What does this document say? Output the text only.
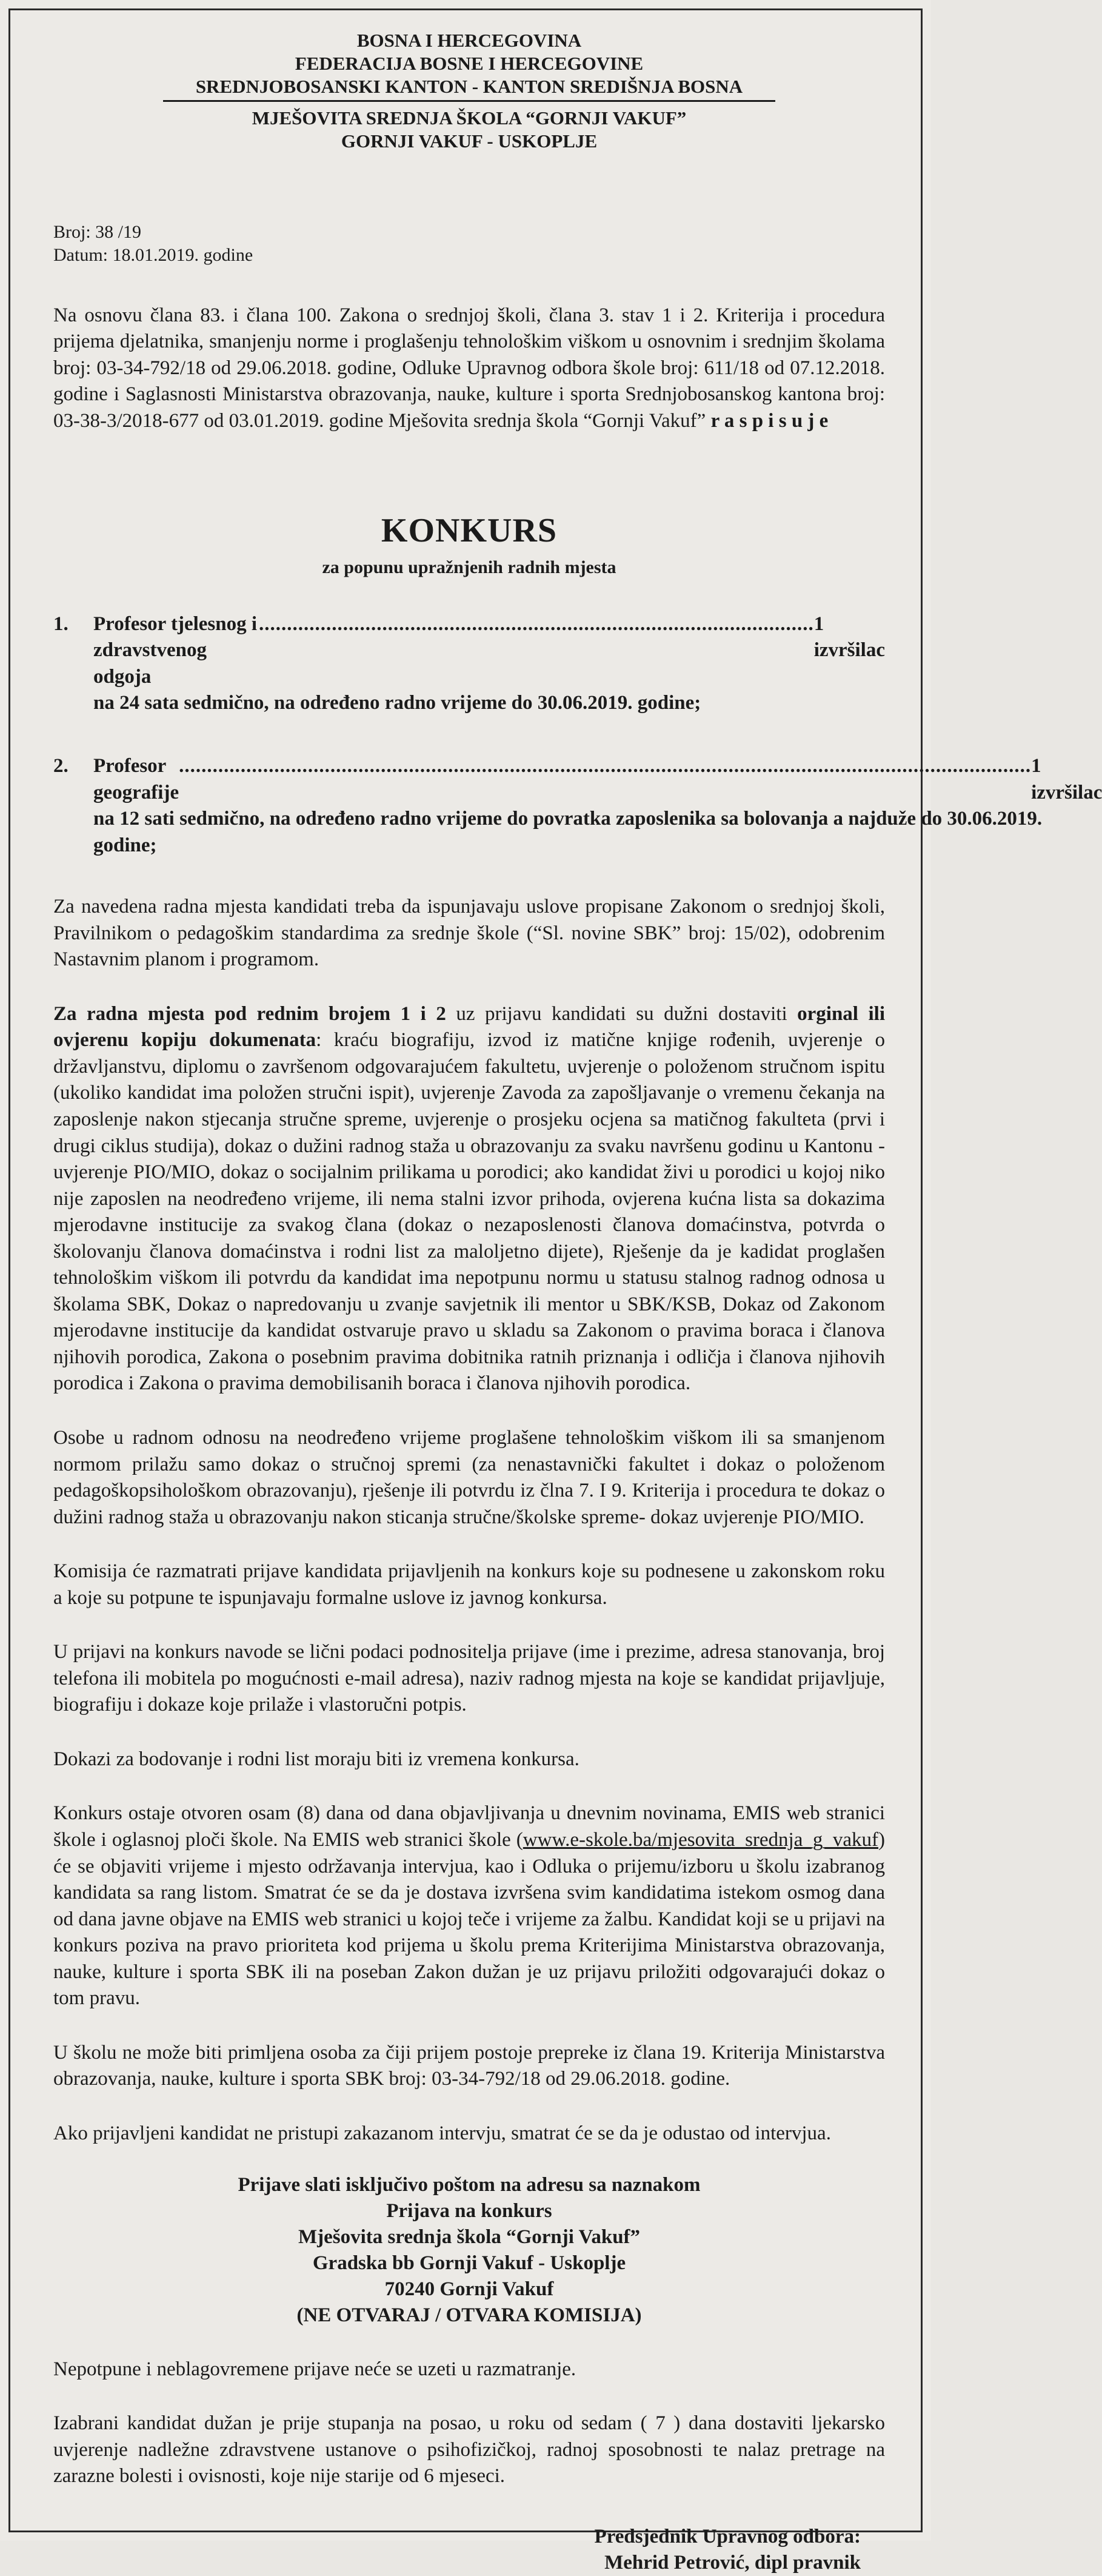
BOSNA I HERCEGOVINA
FEDERACIJA BOSNE I HERCEGOVINE
SREDNJOBOSANSKI KANTON - KANTON SREDIŠNJA BOSNA
MJEŠOVITA SREDNJA ŠKOLA “GORNJI VAKUF”
GORNJI VAKUF - USKOPLJE
Broj: 38 /19
Datum: 18.01.2019. godine

Na osnovu člana 83. i člana 100. Zakona o srednjoj školi, člana 3. stav 1 i 2. Kriterija i procedura prijema djelatnika, smanjenju norme i proglašenju tehnološkim viškom u osnovnim i srednjim školama broj: 03-34-792/18 od 29.06.2018. godine, Odluke Upravnog odbora škole broj: 611/18 od 07.12.2018. godine i Saglasnosti Ministarstva obrazovanja, nauke, kulture i sporta Srednjobosanskog kantona broj: 03-38-3/2018-677 od 03.01.2019. godine Mješovita srednja škola “Gornji Vakuf” r a s p i s u j e

KONKURS
za popunu upražnjenih radnih mjesta
1.	Profesor tjelesnog i zdravstvenog odgoja
................................................................................................... 1 izvršilac
na 24 sata sedmično, na određeno radno vrijeme do 30.06.2019. godine;
2.	Profesor geografije
........................................................................................................................................................ 1 izvršilac
na 12 sati sedmično, na određeno radno vrijeme do povratka zaposlenika sa bolovanja a najduže do 30.06.2019. godine;

Za navedena radna mjesta kandidati treba da ispunjavaju uslove propisane Zakonom o srednjoj školi, Pravilnikom o pedagoškim standardima za srednje škole (“Sl. novine SBK” broj: 15/02), odobrenim Nastavnim planom i programom.

Za radna mjesta pod rednim brojem 1 i 2 uz prijavu kandidati su dužni dostaviti orginal ili ovjerenu kopiju dokumenata: kraću biografiju, izvod iz matične knjige rođenih, uvjerenje o državljanstvu, diplomu o završenom odgovarajućem fakultetu, uvjerenje o položenom stručnom ispitu (ukoliko kandidat ima položen stručni ispit), uvjerenje Zavoda za zapošljavanje o vremenu čekanja na zaposlenje nakon stjecanja stručne spreme, uvjerenje o prosjeku ocjena sa matičnog fakulteta (prvi i drugi ciklus studija), dokaz o dužini radnog staža u obrazovanju za svaku navršenu godinu u Kantonu - uvjerenje PIO/MIO, dokaz o socijalnim prilikama u porodici; ako kandidat živi u porodici u kojoj niko nije zaposlen na neodređeno vrijeme, ili nema stalni izvor prihoda, ovjerena kućna lista sa dokazima mjerodavne institucije za svakog člana (dokaz o nezaposlenosti članova domaćinstva, potvrda o školovanju članova domaćinstva i rodni list za maloljetno dijete), Rješenje da je kadidat proglašen tehnološkim viškom ili potvrdu da kandidat ima nepotpunu normu u statusu stalnog radnog odnosa u školama SBK, Dokaz o napredovanju u zvanje savjetnik ili mentor u SBK/KSB, Dokaz od Zakonom mjerodavne institucije da kandidat ostvaruje pravo u skladu sa Zakonom o pravima boraca i članova njihovih porodica, Zakona o posebnim pravima dobitnika ratnih priznanja i odličja i članova njihovih porodica i Zakona o pravima demobilisanih boraca i članova njihovih porodica.

Osobe u radnom odnosu na neodređeno vrijeme proglašene tehnološkim viškom ili sa smanjenom normom prilažu samo dokaz o stručnoj spremi (za nenastavnički fakultet i dokaz o položenom pedagoškopsihološkom obrazovanju), rješenje ili potvrdu iz člna 7. I 9. Kriterija i procedura te dokaz o dužini radnog staža u obrazovanju nakon sticanja stručne/školske spreme- dokaz uvjerenje PIO/MIO.

Komisija će razmatrati prijave kandidata prijavljenih na konkurs koje su podnesene u zakonskom roku a koje su potpune te ispunjavaju formalne uslove iz javnog konkursa.

U prijavi na konkurs navode se lični podaci podnositelja prijave (ime i prezime, adresa stanovanja, broj telefona ili mobitela po mogućnosti e-mail adresa), naziv radnog mjesta na koje se kandidat prijavljuje, biografiju i dokaze koje prilaže i vlastoručni potpis.

Dokazi za bodovanje i rodni list moraju biti iz vremena konkursa.

Konkurs ostaje otvoren osam (8) dana od dana objavljivanja u dnevnim novinama, EMIS web stranici škole i oglasnoj ploči škole. Na EMIS web stranici škole (www.e-skole.ba/mjesovita_srednja_g_vakuf) će se objaviti vrijeme i mjesto održavanja intervjua, kao i Odluka o prijemu/izboru u školu izabranog kandidata sa rang listom. Smatrat će se da je dostava izvršena svim kandidatima istekom osmog dana od dana javne objave na EMIS web stranici u kojoj teče i vrijeme za žalbu. Kandidat koji se u prijavi na konkurs poziva na pravo prioriteta kod prijema u školu prema Kriterijima Ministarstva obrazovanja, nauke, kulture i sporta SBK ili na poseban Zakon dužan je uz prijavu priložiti odgovarajući dokaz o tom pravu.

U školu ne može biti primljena osoba za čiji prijem postoje prepreke iz člana 19. Kriterija Ministarstva obrazovanja, nauke, kulture i sporta SBK broj: 03-34-792/18 od 29.06.2018. godine.

Ako prijavljeni kandidat ne pristupi zakazanom intervju, smatrat će se da je odustao od intervjua.

Prijave slati isključivo poštom na adresu sa naznakom
Prijava na konkurs
Mješovita srednja škola “Gornji Vakuf”
Gradska bb Gornji Vakuf - Uskoplje
70240 Gornji Vakuf
(NE OTVARAJ / OTVARA KOMISIJA)

Nepotpune i neblagovremene prijave neće se uzeti u razmatranje.

Izabrani kandidat dužan je prije stupanja na posao, u roku od sedam ( 7 ) dana dostaviti ljekarsko uvjerenje nadležne zdravstvene ustanove o psihofizičkoj, radnoj sposobnosti te nalaz pretrage na zarazne bolesti i ovisnosti, koje nije starije od 6 mjeseci.

Predsjednik Upravnog odbora:
Mehrid Petrović, dipl pravnik
